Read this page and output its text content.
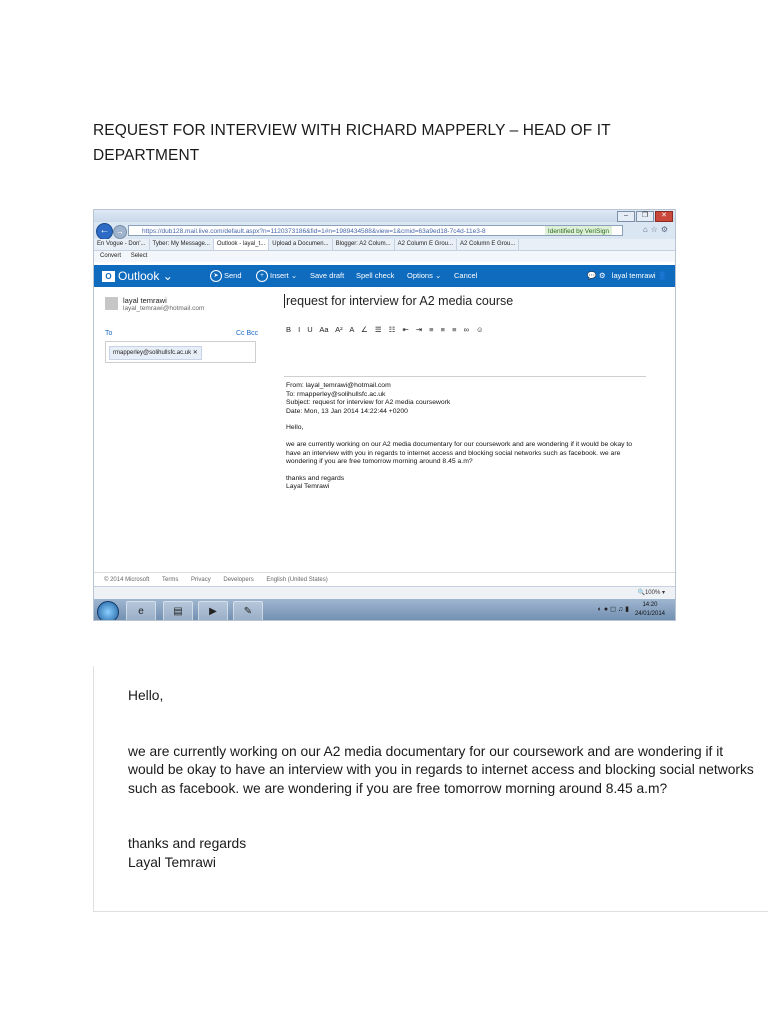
REQUEST FOR INTERVIEW WITH RICHARD MAPPERLY – HEAD OF IT DEPARTMENT
–	❐	✕
← →	https://dub128.mail.live.com/default.aspx?n=1120373186&fid=1#n=1989434588&view=1&cmid=63a9ed18-7c4d-11e3-8	Identified by VeriSign	⌂☆⚙
En Vogue - Don'... Tyber: My Message... Outlook - layal_t... Upload a Documen... Blogger: A2 Colum... A2 Column E Grou... A2 Column E Grou...
Convert Select
O Outlook ⌄	➤ Send	+ Insert ⌄ Save draft Spell check Options ⌄ Cancel	💬 ⚙   layal temrawi 👤
layal temrawi
layal_temrawi@hotmail.com
To	Cc Bcc
rmapperley@solihullsfc.ac.uk ✕
request for interview for A2 media course
B I U Aa A² A ∠ ☰ ☷ ⇤ ⇥ ≡ ≡ ≡ ∞ ☺

From: layal_temrawi@hotmail.com

To: rmapperley@solihullsfc.ac.uk

Subject: request for interview for A2 media coursework

Date: Mon, 13 Jan 2014 14:22:44 +0200

Hello,

we are currently working on our A2 media documentary for our coursework and are wondering if it would be okay to have an interview with you in regards to internet access and blocking social networks such as facebook. we are wondering if you are free tomorrow morning around 8.45 a.m?

thanks and regards

Layal Temrawi

© 2014 Microsoft Terms Privacy Developers English (United States)
🔍100% ▾
e	▤	▶	✎	◐●◻♫▮
14:20
24/01/2014

Hello,

we are currently working on our A2 media documentary for our coursework and are wondering if it would be okay to have an interview with you in regards to internet access and blocking social networks such as facebook. we are wondering if you are free tomorrow morning around 8.45 a.m?

thanks and regards

Layal Temrawi
